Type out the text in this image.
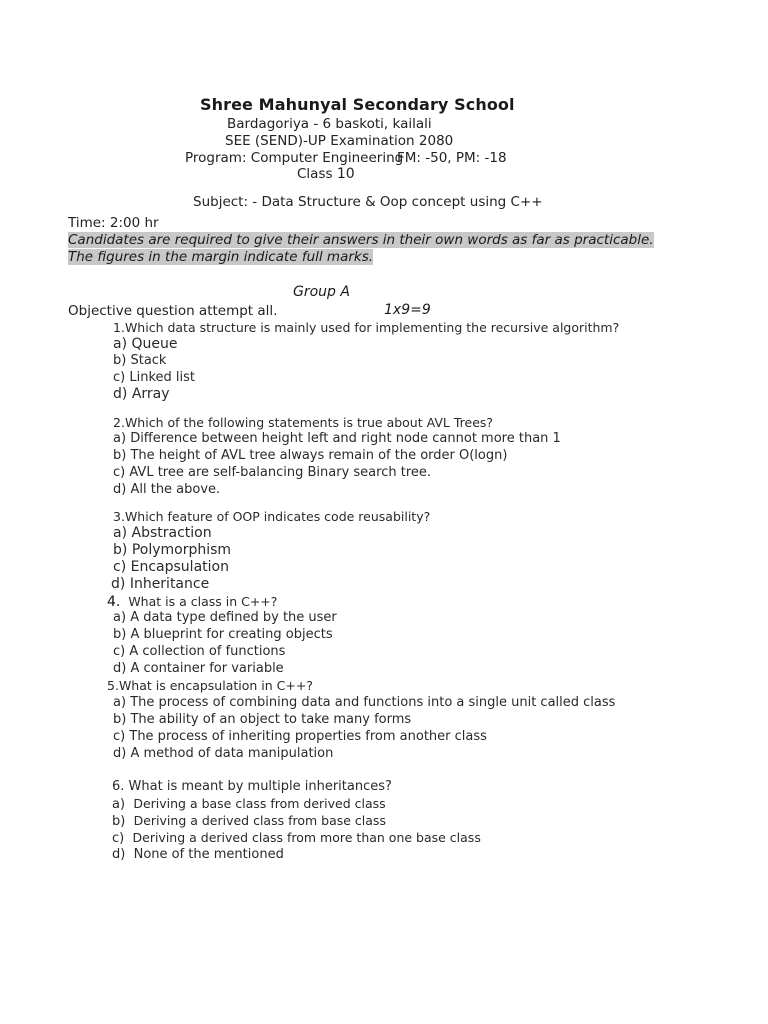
Shree Mahunyal Secondary School
Bardagoriya - 6 baskoti, kailali
SEE (SEND)-UP Examination 2080
Program: Computer Engineering
FM: -50, PM: -18
Class 10
Subject: - Data Structure & Oop concept using C++
Time: 2:00 hr
Candidates are required to give their answers in their own words as far as practicable. The figures in the margin indicate full marks.
Group A
Objective question attempt all.	1x9=9
1.Which data structure is mainly used for implementing the recursive algorithm?
a) Queue
b) Stack
c) Linked list
d) Array
2.Which of the following statements is true about AVL Trees?
a) Difference between height left and right node cannot more than 1
b) The height of AVL tree always remain of the order O(logn)
c) AVL tree are self-balancing Binary search tree.
d) All the above.
3.Which feature of OOP indicates code reusability?
a) Abstraction
b) Polymorphism
c) Encapsulation
d) Inheritance
4. What is a class in C++?
a) A data type defined by the user
b) A blueprint for creating objects
c) A collection of functions
d) A container for variable
5.What is encapsulation in C++?
a) The process of combining data and functions into a single unit called class
b) The ability of an object to take many forms
c) The process of inheriting properties from another class
d) A method of data manipulation
6. What is meant by multiple inheritances?
a) Deriving a base class from derived class
b) Deriving a derived class from base class
c) Deriving a derived class from more than one base class
d) None of the mentioned
